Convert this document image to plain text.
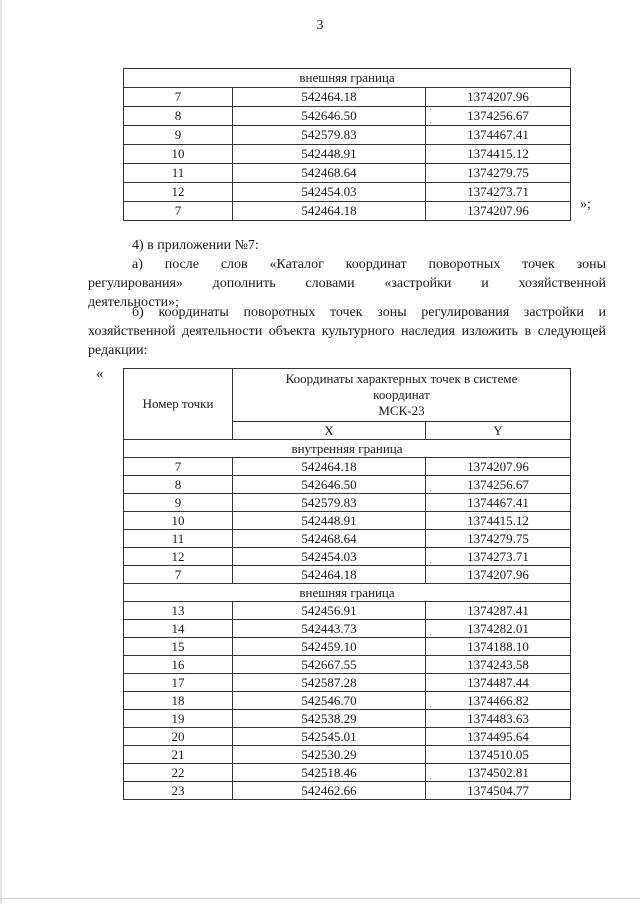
3
внешняя граница		
7	542464.18	1374207.96
8	542646.50	1374256.67
9	542579.83	1374467.41
10	542448.91	1374415.12
11	542468.64	1374279.75
12	542454.03	1374273.71
7	542464.18	1374207.96	»;

4) в приложении №7:

а) после слов «Каталог координат поворотных точек зоны

регулирования» дополнить словами «застройки и хозяйственной

деятельности»;

б) координаты поворотных точек зоны регулирования застройки и хозяйственной деятельности объекта культурного наследия изложить в следующей редакции:

«
Номер точки	Координаты характерных точек в системе
координат
МСК-23	

	X	Y
внутренняя граница		
7	542464.18	1374207.96
8	542646.50	1374256.67
9	542579.83	1374467.41
10	542448.91	1374415.12
11	542468.64	1374279.75
12	542454.03	1374273.71
7	542464.18	1374207.96
внешняя граница		
13	542456.91	1374287.41
14	542443.73	1374282.01
15	542459.10	1374188.10
16	542667.55	1374243.58
17	542587.28	1374487.44
18	542546.70	1374466.82
19	542538.29	1374483.63
20	542545.01	1374495.64
21	542530.29	1374510.05
22	542518.46	1374502.81
23	542462.66	1374504.77
